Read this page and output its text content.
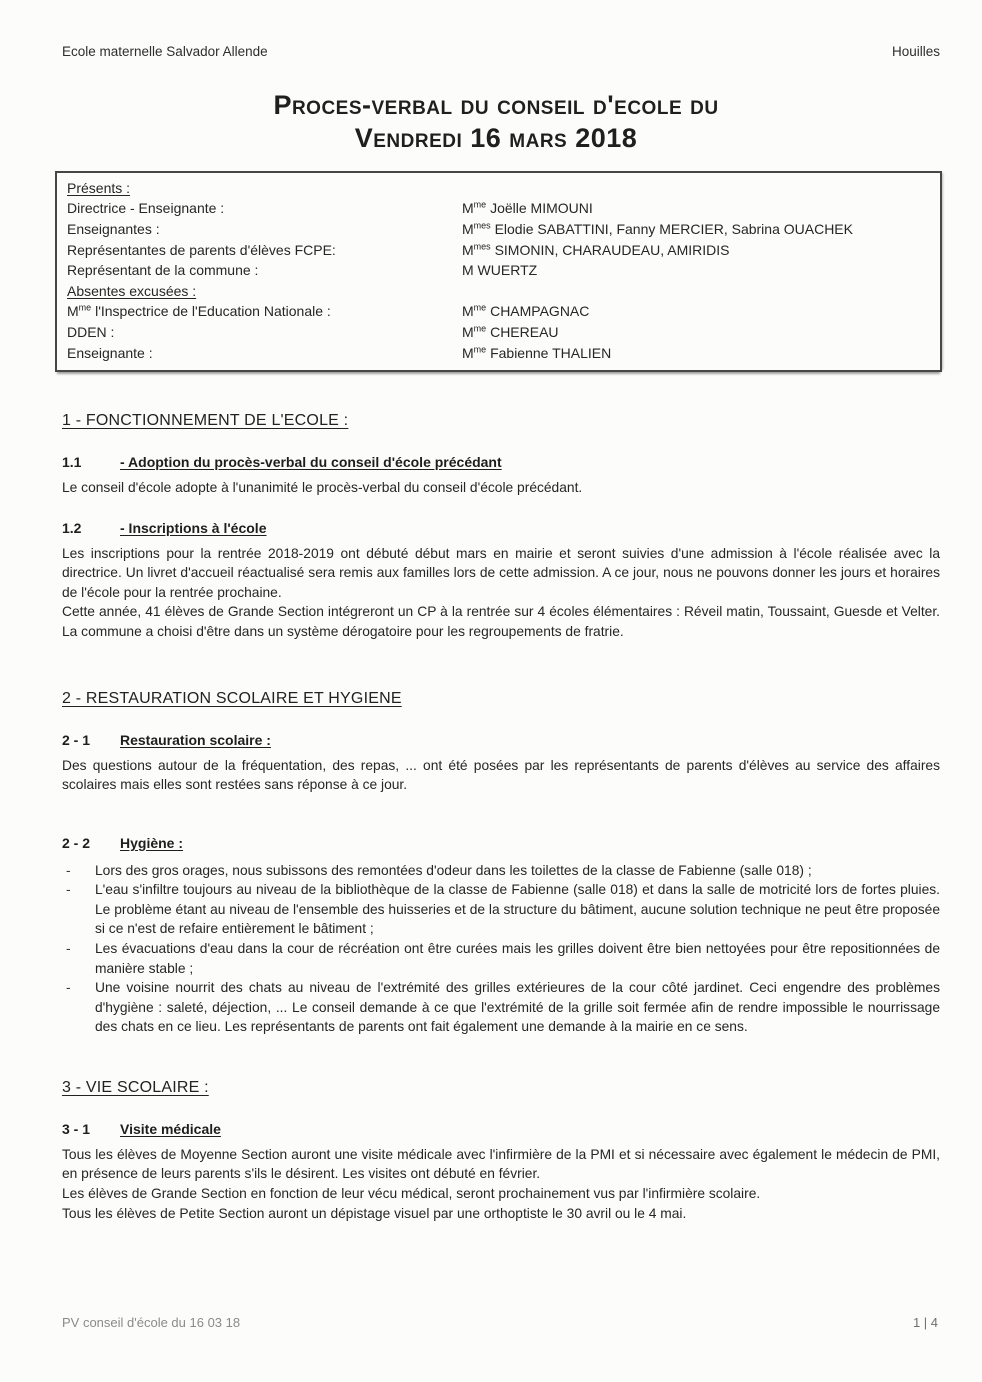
Ecole maternelle Salvador Allende	Houilles
Proces-verbal du conseil d'ecole du
Vendredi 16 mars 2018
Présents :
Directrice - Enseignante :	$M^{me}$ Joëlle MIMOUNI
Enseignantes :	$M^{mes}$ Elodie SABATTINI, Fanny MERCIER, Sabrina OUACHEK
Représentantes de parents d'élèves FCPE:	$M^{mes}$ SIMONIN, CHARAUDEAU, AMIRIDIS
Représentant de la commune :	M WUERTZ
Absentes excusées :
$M^{me}$ l'Inspectrice de l'Education Nationale :	$M^{me}$ CHAMPAGNAC
DDEN :	$M^{me}$ CHEREAU
Enseignante :	$M^{me}$ Fabienne THALIEN
1 - FONCTIONNEMENT DE L'ECOLE :
1.1	- Adoption du procès-verbal du conseil d'école précédant

Le conseil d'école adopte à l'unanimité le procès-verbal du conseil d'école précédant.

1.2	- Inscriptions à l'école

Les inscriptions pour la rentrée 2018-2019 ont débuté début mars en mairie et seront suivies d'une admission à l'école réalisée avec la directrice. Un livret d'accueil réactualisé sera remis aux familles lors de cette admission. A ce jour, nous ne pouvons donner les jours et horaires de l'école pour la rentrée prochaine.

Cette année, 41 élèves de Grande Section intégreront un CP à la rentrée sur 4 écoles élémentaires : Réveil matin, Toussaint, Guesde et Velter. La commune a choisi d'être dans un système dérogatoire pour les regroupements de fratrie.

2 - RESTAURATION SCOLAIRE ET HYGIENE
2 - 1 Restauration scolaire :

Des questions autour de la fréquentation, des repas, ... ont été posées par les représentants de parents d'élèves au service des affaires scolaires mais elles sont restées sans réponse à ce jour.

2 - 2 Hygiène :
- Lors des gros orages, nous subissons des remontées d'odeur dans les toilettes de la classe de Fabienne (salle 018) ;
- L'eau s'infiltre toujours au niveau de la bibliothèque de la classe de Fabienne (salle 018) et dans la salle de motricité lors de fortes pluies. Le problème étant au niveau de l'ensemble des huisseries et de la structure du bâtiment, aucune solution technique ne peut être proposée si ce n'est de refaire entièrement le bâtiment ;
- Les évacuations d'eau dans la cour de récréation ont être curées mais les grilles doivent être bien nettoyées pour être repositionnées de manière stable ;
- Une voisine nourrit des chats au niveau de l'extrémité des grilles extérieures de la cour côté jardinet. Ceci engendre des problèmes d'hygiène : saleté, déjection, ... Le conseil demande à ce que l'extrémité de la grille soit fermée afin de rendre impossible le nourrissage des chats en ce lieu. Les représentants de parents ont fait également une demande à la mairie en ce sens.
3 - VIE SCOLAIRE :
3 - 1 Visite médicale

Tous les élèves de Moyenne Section auront une visite médicale avec l'infirmière de la PMI et si nécessaire avec également le médecin de PMI, en présence de leurs parents s'ils le désirent. Les visites ont débuté en février.

Les élèves de Grande Section en fonction de leur vécu médical, seront prochainement vus par l'infirmière scolaire.

Tous les élèves de Petite Section auront un dépistage visuel par une orthoptiste le 30 avril ou le 4 mai.

PV conseil d'école du 16 03 18	1 | 4
